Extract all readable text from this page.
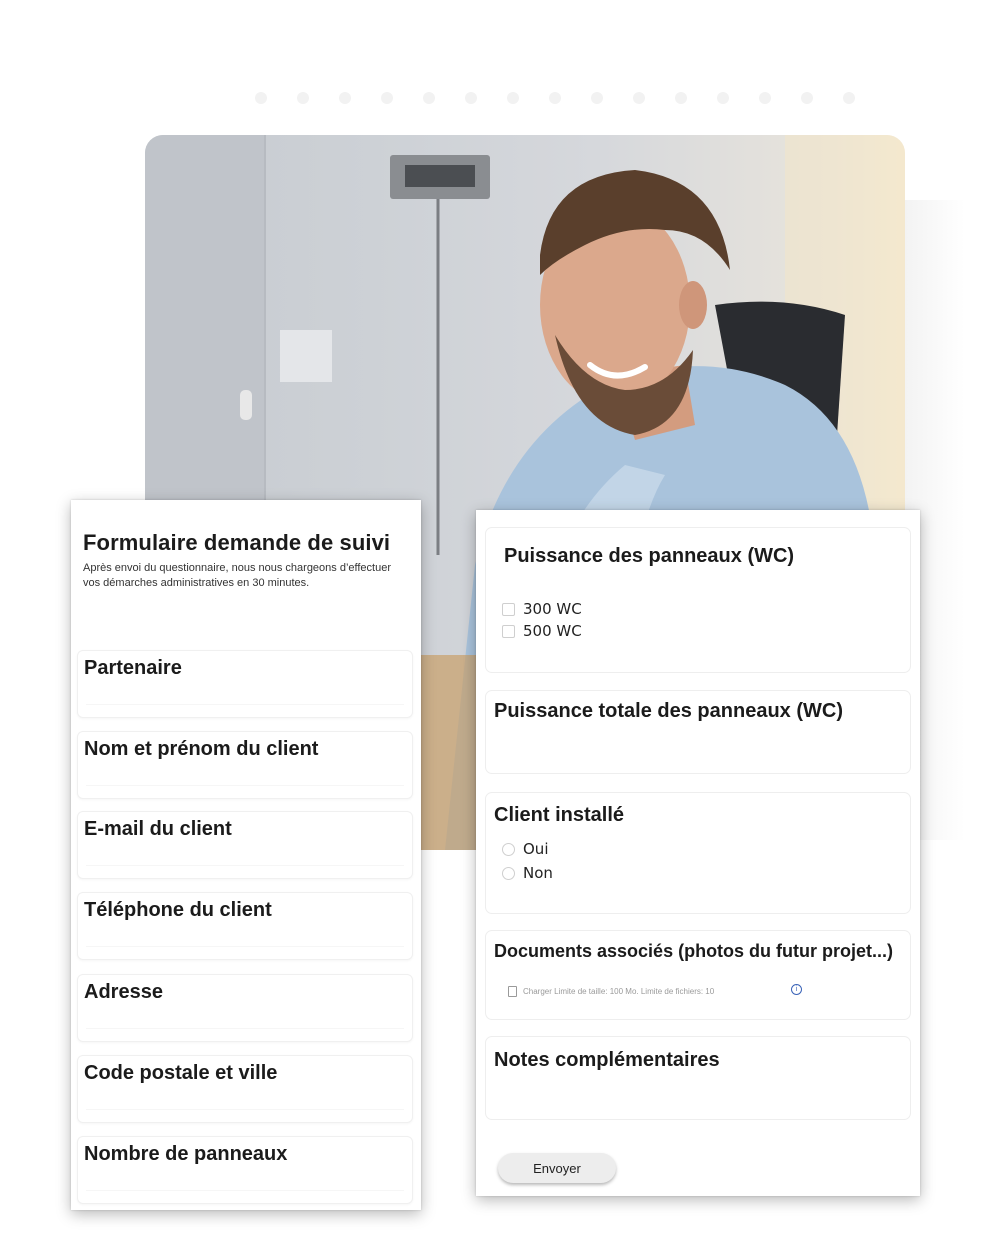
Formulaire demande de suivi

Après envoi du questionnaire, nous nous chargeons d’effectuer vos démarches administratives en 30 minutes.

Partenaire
Nom et prénom du client
E-mail du client
Téléphone du client
Adresse
Code postale et ville
Nombre de panneaux
Puissance des panneaux (WC)
300 WC
500 WC
Puissance totale des panneaux (WC)
Client installé
Oui
Non
Documents associés (photos du futur projet...)
Charger Limite de taille: 100 Mo. Limite de fichiers: 10	i
Notes complémentaires
Envoyer
